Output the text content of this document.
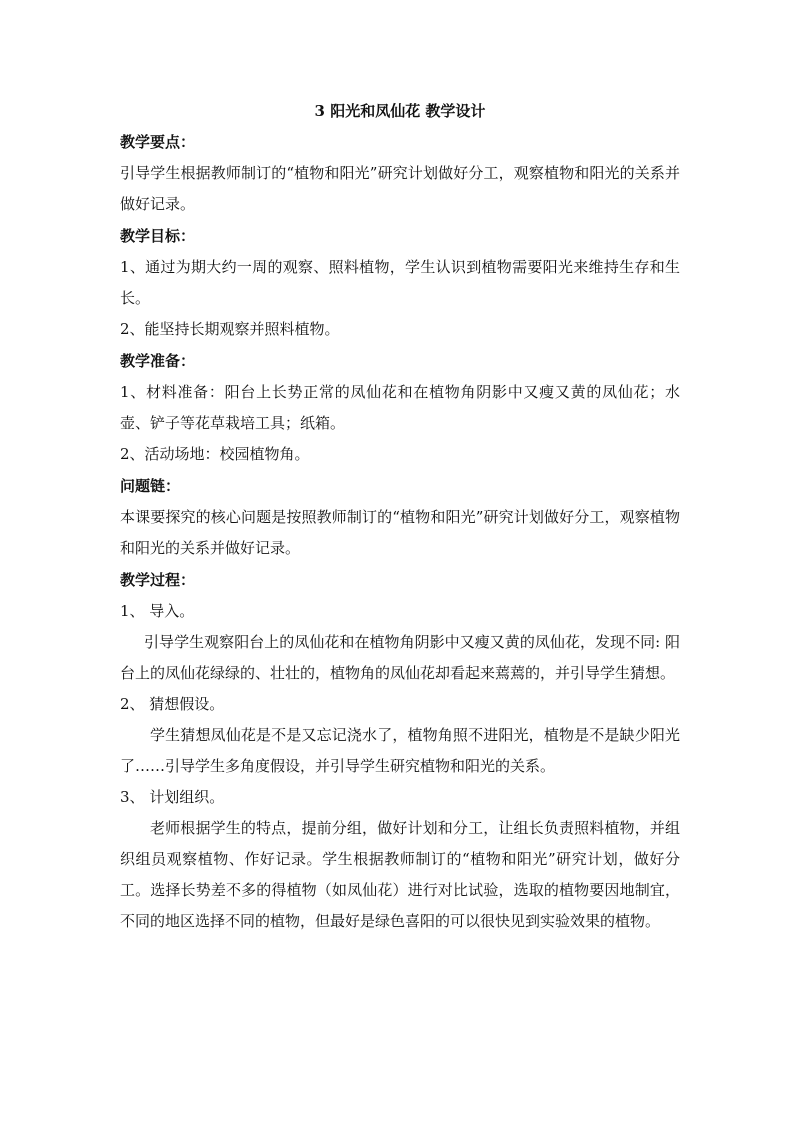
3 阳光和凤仙花 教学设计

教学要点：

引导学生根据教师制订的“植物和阳光”研究计划做好分工，观察植物和阳光的关系并做好记录。

教学目标：

1、通过为期大约一周的观察、照料植物，学生认识到植物需要阳光来维持生存和生长。

2、能坚持长期观察并照料植物。

教学准备：

1、材料准备：阳台上长势正常的凤仙花和在植物角阴影中又瘦又黄的凤仙花；水壶、铲子等花草栽培工具；纸箱。

2、活动场地：校园植物角。

问题链：

本课要探究的核心问题是按照教师制订的“植物和阳光”研究计划做好分工，观察植物和阳光的关系并做好记录。

教学过程：

1、 导入。

引导学生观察阳台上的凤仙花和在植物角阴影中又瘦又黄的凤仙花，发现不同: 阳台上的凤仙花绿绿的、壮壮的，植物角的凤仙花却看起来蔫蔫的，并引导学生猜想。

2、 猜想假设。

学生猜想凤仙花是不是又忘记浇水了，植物角照不进阳光，植物是不是缺少阳光了……引导学生多角度假设，并引导学生研究植物和阳光的关系。

3、 计划组织。

老师根据学生的特点，提前分组，做好计划和分工，让组长负责照料植物，并组织组员观察植物、作好记录。学生根据教师制订的“植物和阳光”研究计划，做好分工。选择长势差不多的得植物（如凤仙花）进行对比试验，选取的植物要因地制宜，不同的地区选择不同的植物，但最好是绿色喜阳的可以很快见到实验效果的植物。
